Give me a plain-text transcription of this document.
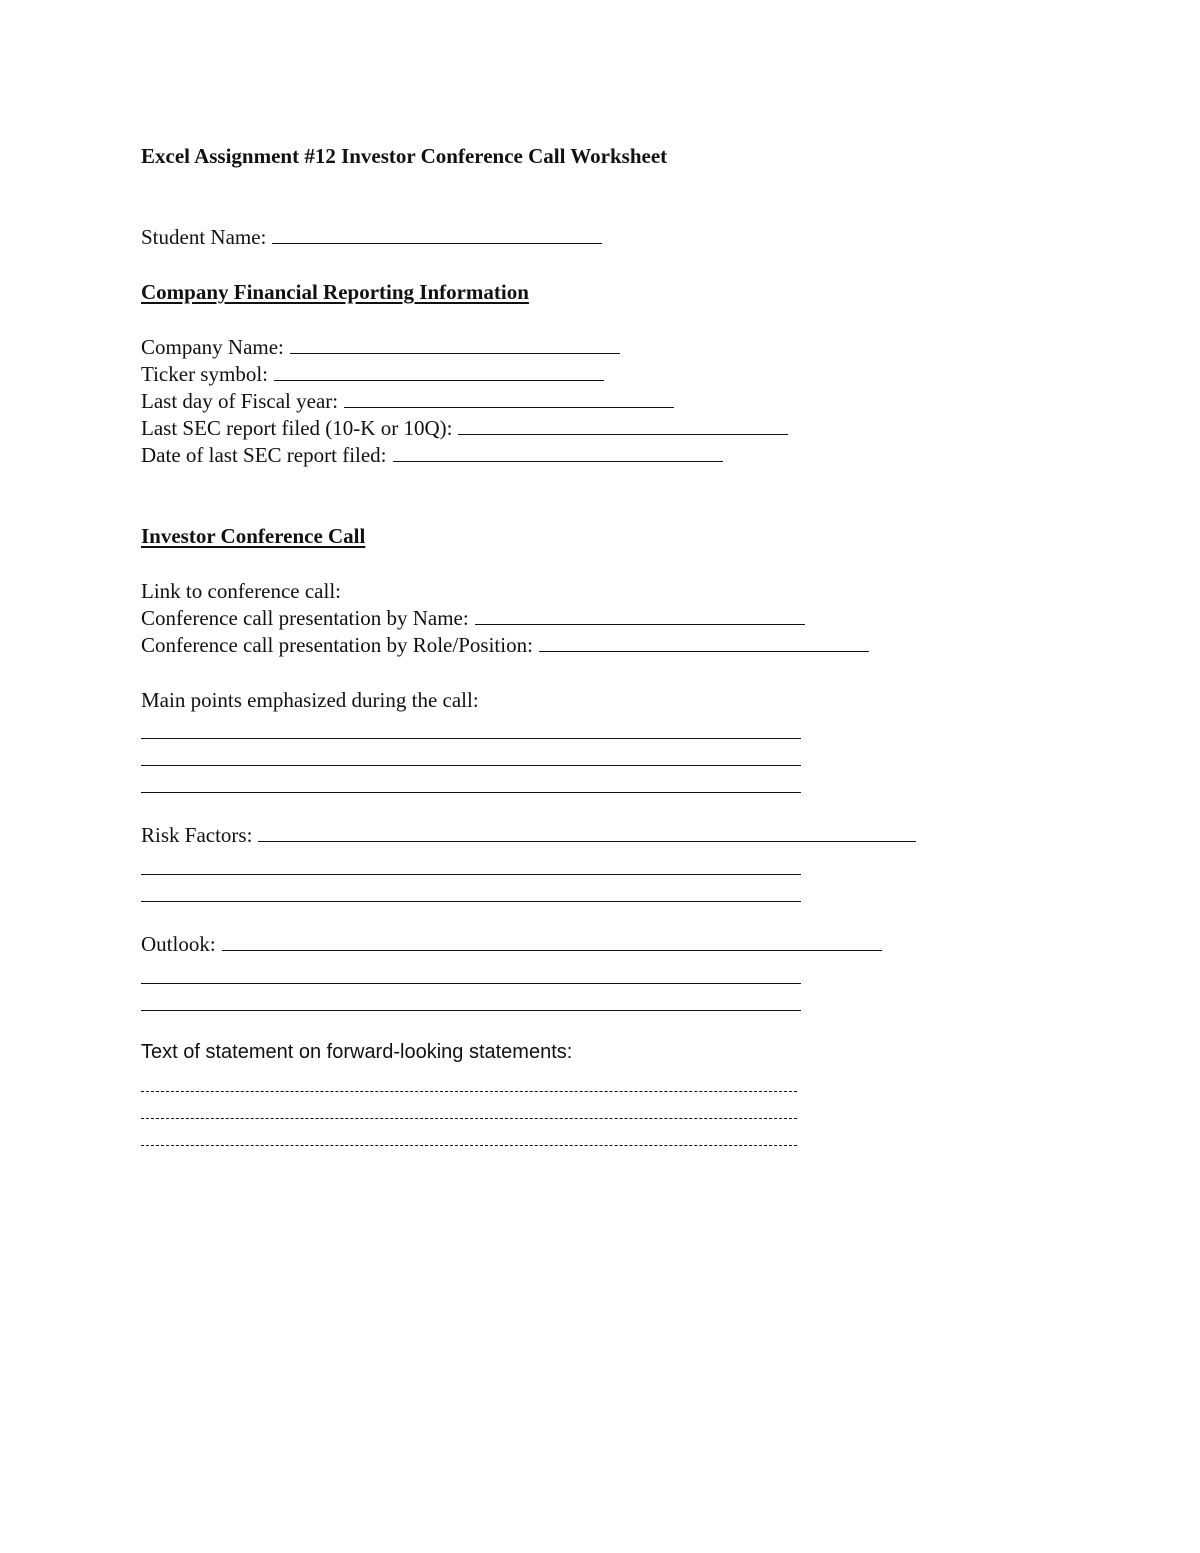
Excel Assignment #12 Investor Conference Call Worksheet
Student Name:
Company Financial Reporting Information
Company Name:
Ticker symbol:
Last day of Fiscal year:
Last SEC report filed (10-K or 10Q):
Date of last SEC report filed:
Investor Conference Call
Link to conference call:
Conference call presentation by Name:
Conference call presentation by Role/Position:
Main points emphasized during the call:
Risk Factors:
Outlook:
Text of statement on forward-looking statements:
